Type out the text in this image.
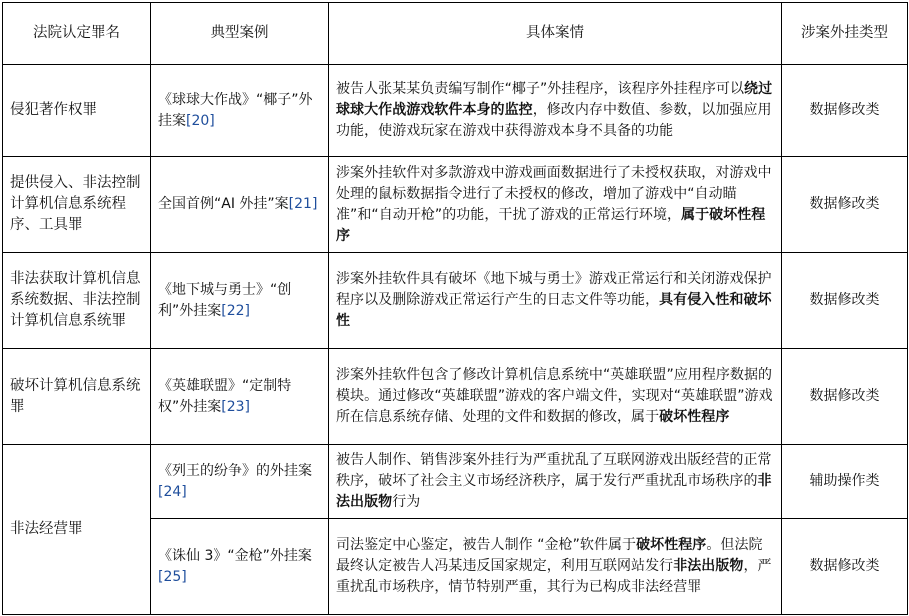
法院认定罪名	典型案例	具体案情	涉案外挂类型
侵犯著作权罪	《球球大作战》“椰子”外挂案[20]	被告人张某某负责编写制作“椰子”外挂程序，该程序外挂程序可以绕过球球大作战游戏软件本身的监控，修改内存中数值、参数，以加强应用功能，使游戏玩家在游戏中获得游戏本身不具备的功能	数据修改类
提供侵入、非法控制计算机信息系统程序、工具罪	全国首例“AI 外挂”案[21]	涉案外挂软件对多款游戏中游戏画面数据进行了未授权获取，对游戏中处理的鼠标数据指令进行了未授权的修改，增加了游戏中“自动瞄准”和“自动开枪”的功能，干扰了游戏的正常运行环境，属于破坏性程序	数据修改类
非法获取计算机信息系统数据、非法控制计算机信息系统罪	《地下城与勇士》“创利”外挂案[22]	涉案外挂软件具有破坏《地下城与勇士》游戏正常运行和关闭游戏保护程序以及删除游戏正常运行产生的日志文件等功能，具有侵入性和破坏性	数据修改类
破坏计算机信息系统罪	《英雄联盟》“定制特权”外挂案[23]	涉案外挂软件包含了修改计算机信息系统中“英雄联盟”应用程序数据的模块。通过修改“英雄联盟”游戏的客户端文件，实现对“英雄联盟”游戏所在信息系统存储、处理的文件和数据的修改，属于破坏性程序	数据修改类
非法经营罪	《列王的纷争》的外挂案[24]	被告人制作、销售涉案外挂行为严重扰乱了互联网游戏出版经营的正常秩序，破坏了社会主义市场经济秩序，属于发行严重扰乱市场秩序的非法出版物行为	辅助操作类
	《诛仙 3》“金枪”外挂案[25]	司法鉴定中心鉴定，被告人制作 “金枪”软件属于破坏性程序。但法院最终认定被告人冯某违反国家规定，利用互联网站发行非法出版物，严重扰乱市场秩序，情节特别严重，其行为已构成非法经营罪	数据修改类
